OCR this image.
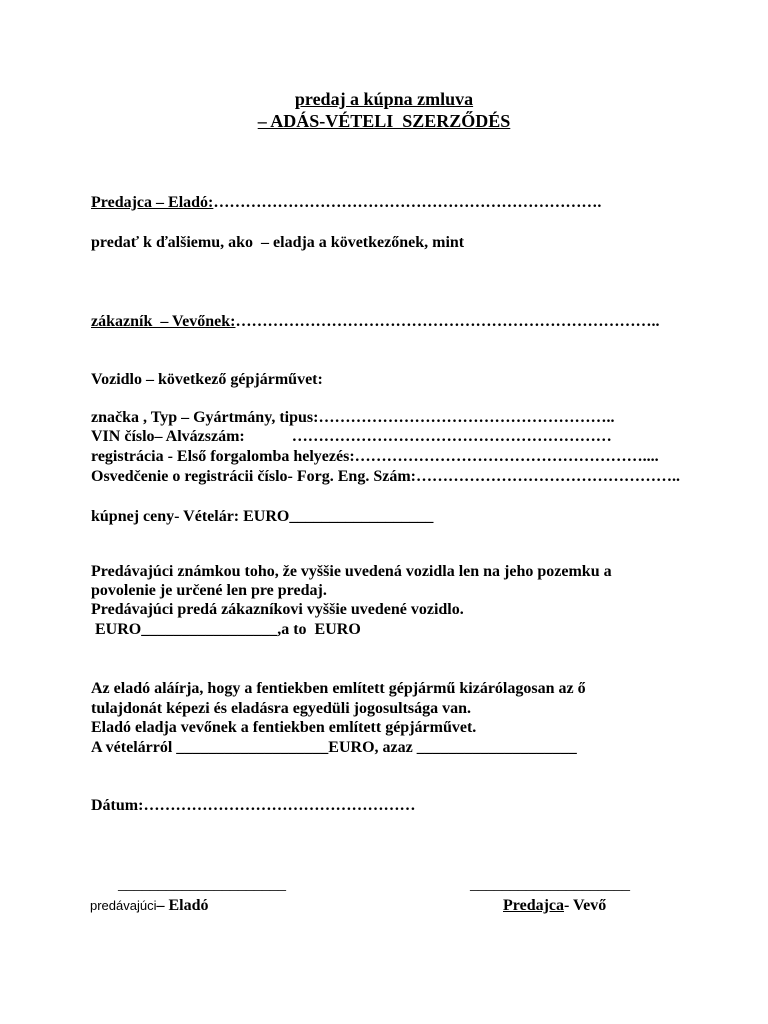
predaj a kúpna zmluva
– ADÁS-VÉTELI  SZERZŐDÉS
Predajca – Eladó:……………………………………………………………….
predať k ďalšiemu, ako  – eladja a következőnek, mint
zákazník  – Vevőnek:……………………………………………………………………..
Vozidlo – következő gépjárművet:
značka , Typ – Gyártmány, tipus:………………………………………………..
VIN číslo– Alvázszám:	……………………………………………………
registrácia - Első forgalomba helyezés:………………………………………………....
Osvedčenie o registrácii číslo- Forg. Eng. Szám:…………………………………………..
kúpnej ceny- Vételár: EURO__________________
Predávajúci známkou toho, že vyššie uvedená vozidla len na jeho pozemku a
povolenie je určené len pre predaj.
Predávajúci predá zákazníkovi vyššie uvedené vozidlo.
EURO_________________,a to  EURO
Az eladó aláírja, hogy a fentiekben említett gépjármű kizárólagosan az ő
tulajdonát képezi és eladásra egyedüli jogosultsága van.
Eladó eladja vevőnek a fentiekben említett gépjárművet.
A vételárról ___________________EURO, azaz ____________________
Dátum:……………………………………………
_____________________	____________________
predávajúci– Eladó	Predajca- Vevő
